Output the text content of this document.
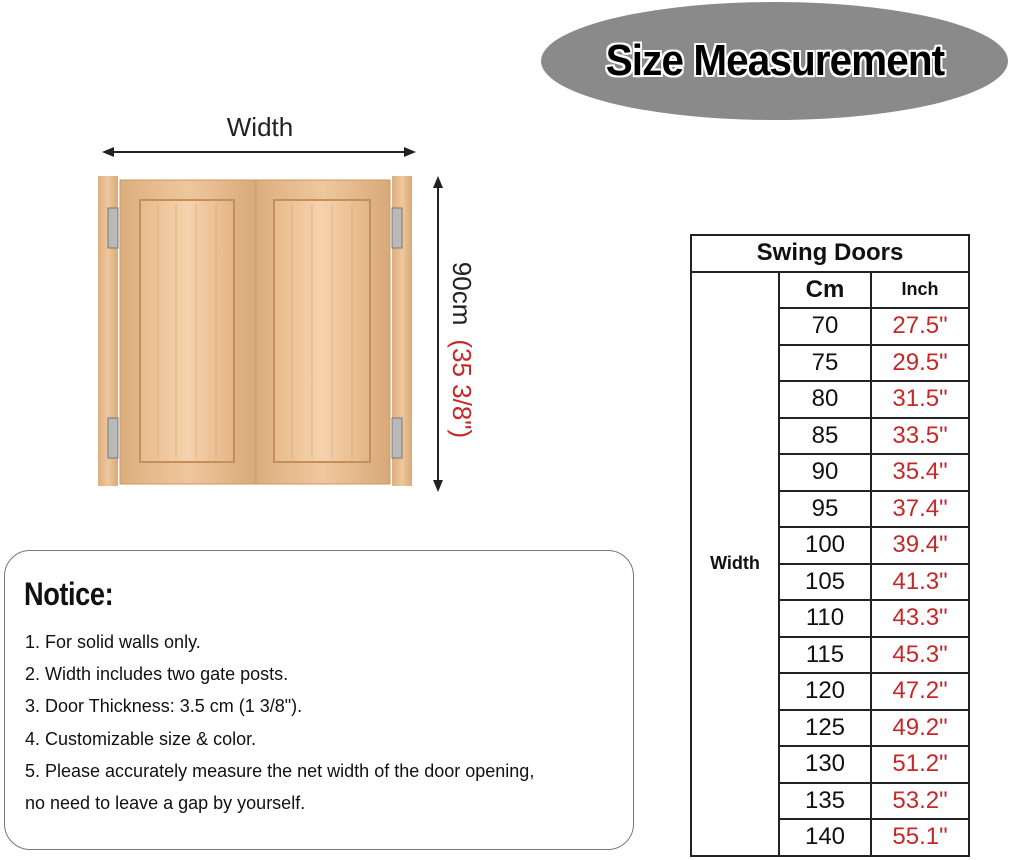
Size Measurement
Width
90cm(35 3/8")
Notice:
1. For solid walls only.
2. Width includes two gate posts.
3. Door Thickness: 3.5 cm (1 3/8").
4. Customizable size & color.
5. Please accurately measure the net width of the door opening,
no need to leave a gap by yourself.
Swing Doors		
Width	Cm	Inch
	70	27.5"
	75	29.5"
	80	31.5"
	85	33.5"
	90	35.4"
	95	37.4"
	100	39.4"
	105	41.3"
	110	43.3"
	115	45.3"
	120	47.2"
	125	49.2"
	130	51.2"
	135	53.2"
	140	55.1"
